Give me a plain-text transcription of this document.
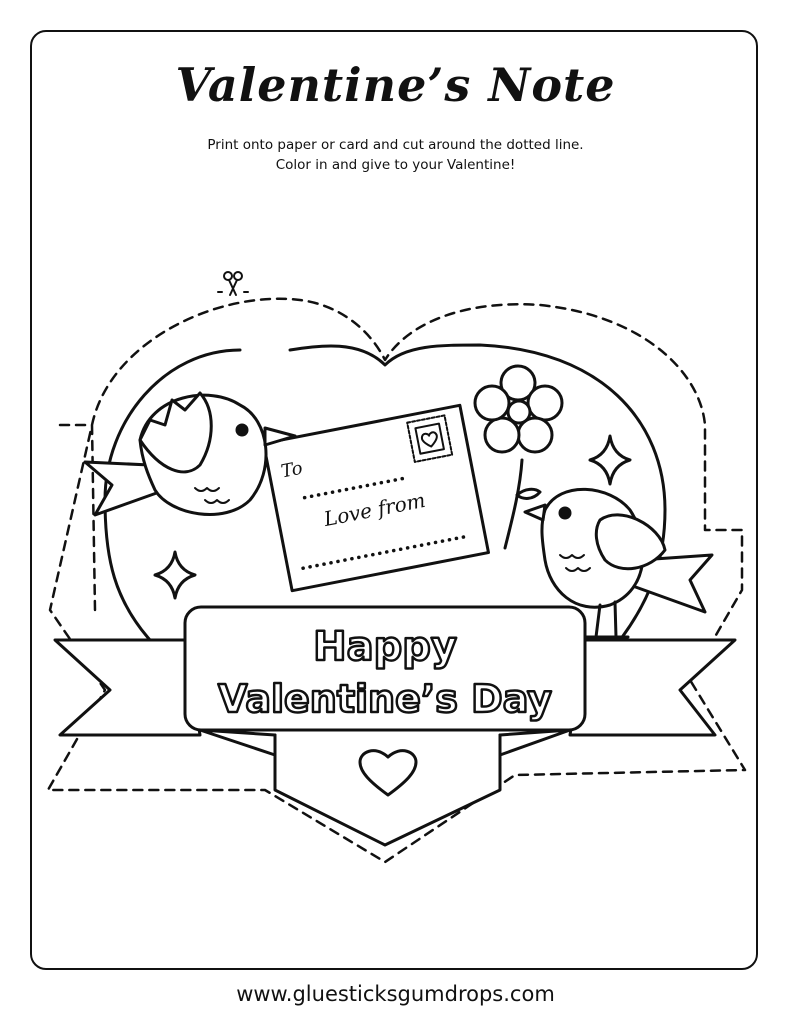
Valentine’s Note
Print onto paper or card and cut around the dotted line.
Color in and give to your Valentine!
Happy
Valentine’s Day
To
Love from
www.gluesticksgumdrops.com
